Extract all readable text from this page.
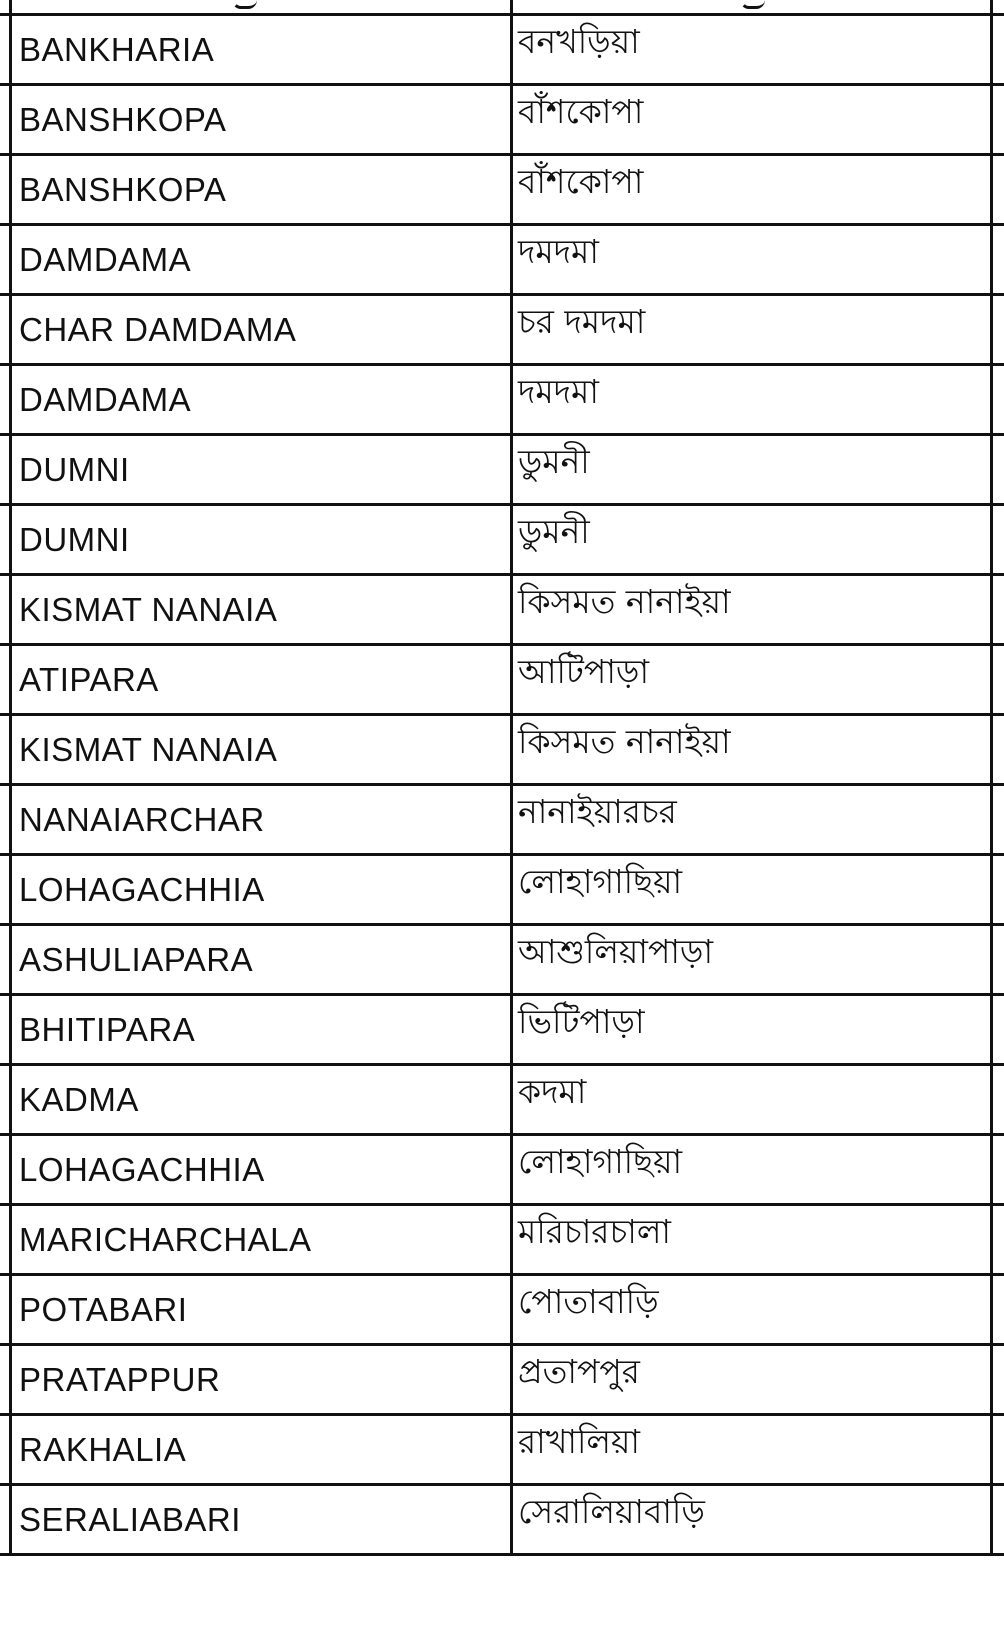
BANKHARIA	বনখড়িয়া
BANSHKOPA	বাঁশকোপা
BANSHKOPA	বাঁশকোপা
DAMDAMA	দমদমা
CHAR DAMDAMA	চর দমদমা
DAMDAMA	দমদমা
DUMNI	ডুমনী
DUMNI	ডুমনী
KISMAT NANAIA	কিসমত নানাইয়া
ATIPARA	আটিপাড়া
KISMAT NANAIA	কিসমত নানাইয়া
NANAIARCHAR	নানাইয়ারচর
LOHAGACHHIA	লোহাগাছিয়া
ASHULIAPARA	আশুলিয়াপাড়া
BHITIPARA	ভিটিপাড়া
KADMA	কদমা
LOHAGACHHIA	লোহাগাছিয়া
MARICHARCHALA	মরিচারচালা
POTABARI	পোতাবাড়ি
PRATAPPUR	প্রতাপপুর
RAKHALIA	রাখালিয়া
SERALIABARI	সেরালিয়াবাড়ি
